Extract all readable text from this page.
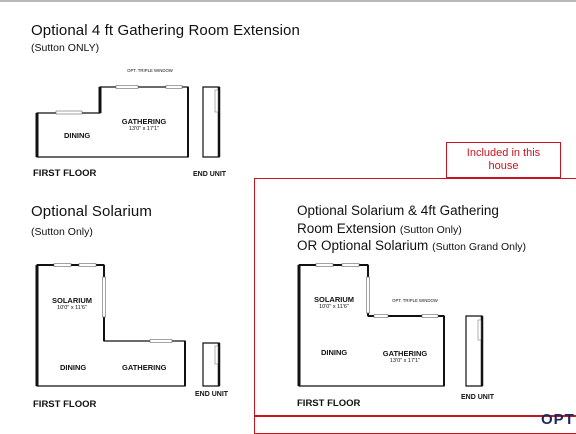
Optional 4 ft Gathering Room Extension
(Sutton ONLY)
OPT. TRIPLE WINDOW
DINING
GATHERING
13'0" x 17'1"
FIRST FLOOR	END UNIT
Optional Solarium
(Sutton Only)
SOLARIUM
10'0" x 11'6"
DINING	GATHERING
FIRST FLOOR
END UNIT
Included in this house
OPT
Optional Solarium & 4ft Gathering
Room Extension (Sutton Only)
OR Optional Solarium (Sutton Grand Only)
SOLARIUM
10'0" x 11'6"
OPT. TRIPLE WINDOW
DINING	GATHERING
13'0" x 17'1"
FIRST FLOOR
END UNIT
